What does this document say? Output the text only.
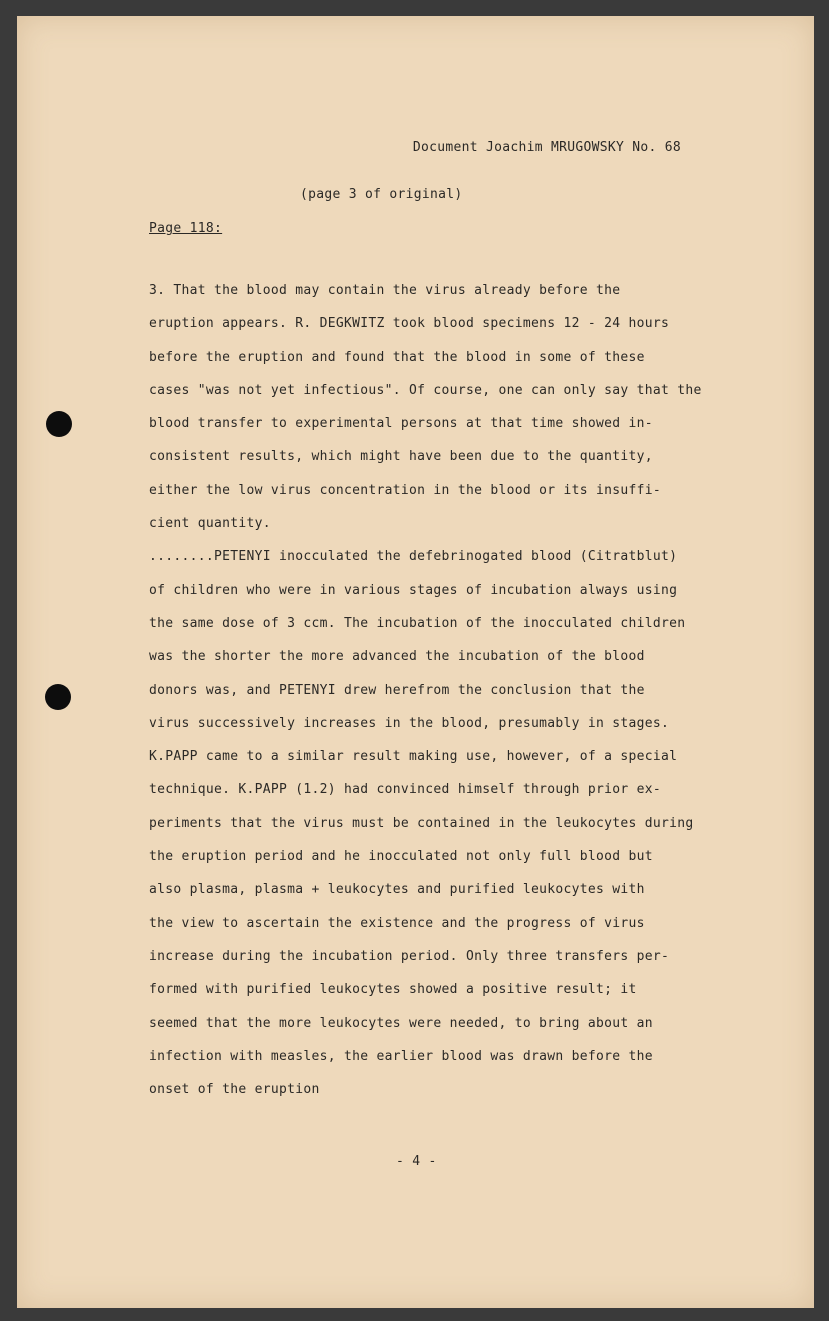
Document Joachim MRUGOWSKY No. 68

(page 3 of original)

Page 118:

3. That the blood may contain the virus already before the
eruption appears. R. DEGKWITZ took blood specimens 12 - 24 hours
before the eruption and found that the blood in some of these
cases "was not yet infectious". Of course, one can only say that the
blood transfer to experimental persons at that time showed in-
consistent results, which might have been due to the quantity,
either the low virus concentration in the blood or its insuffi-
cient quantity.
........PETENYI inocculated the defebrinogated blood (Citratblut)
of children who were in various stages of incubation always using
the same dose of 3 ccm. The incubation of the inocculated children
was the shorter the more advanced the incubation of the blood
donors was, and PETENYI drew herefrom the conclusion that the
virus successively increases in the blood, presumably in stages.
K.PAPP came to a similar result making use, however, of a special
technique. K.PAPP (1.2) had convinced himself through prior ex-
periments that the virus must be contained in the leukocytes during
the eruption period and he inocculated not only full blood but
also plasma, plasma + leukocytes and purified leukocytes with
the view to ascertain the existence and the progress of virus
increase during the incubation period. Only three transfers per-
formed with purified leukocytes showed a positive result; it
seemed that the more leukocytes were needed, to bring about an
infection with measles, the earlier blood was drawn before the
onset of the eruption

- 4 -
